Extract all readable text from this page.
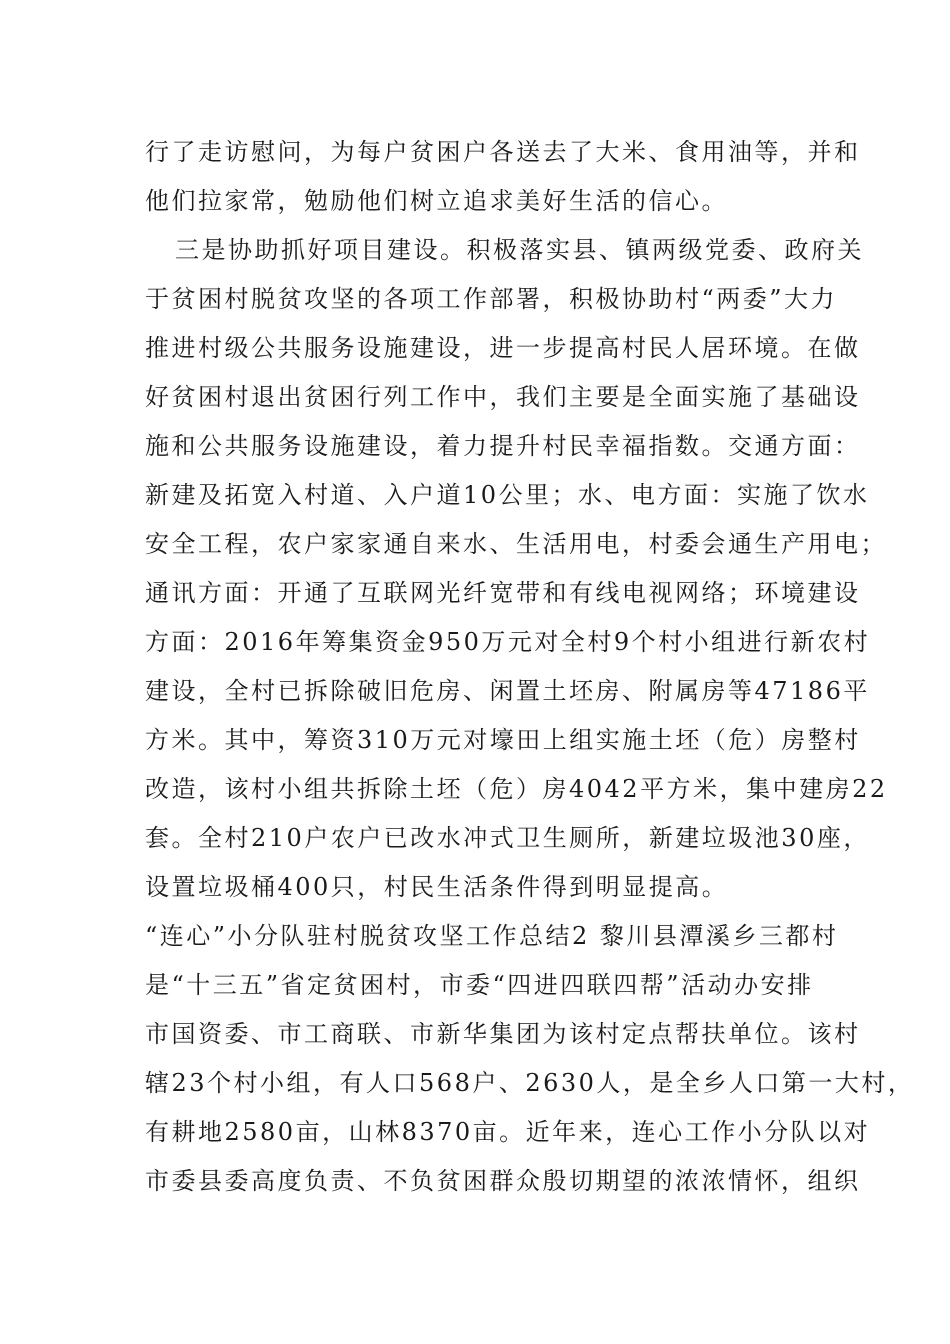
行了走访慰问，为每户贫困户各送去了大米、食用油等，并和
他们拉家常，勉励他们树立追求美好生活的信心。
三是协助抓好项目建设。积极落实县、镇两级党委、政府关
于贫困村脱贫攻坚的各项工作部署，积极协助村“两委”大力
推进村级公共服务设施建设，进一步提高村民人居环境。在做
好贫困村退出贫困行列工作中，我们主要是全面实施了基础设
施和公共服务设施建设，着力提升村民幸福指数。交通方面：
新建及拓宽入村道、入户道10公里；水、电方面：实施了饮水
安全工程，农户家家通自来水、生活用电，村委会通生产用电；
通讯方面：开通了互联网光纤宽带和有线电视网络；环境建设
方面：2016年筹集资金950万元对全村9个村小组进行新农村
建设，全村已拆除破旧危房、闲置土坯房、附属房等47186平
方米。其中，筹资310万元对壕田上组实施土坯（危）房整村
改造，该村小组共拆除土坯（危）房4042平方米，集中建房22
套。全村210户农户已改水冲式卫生厕所，新建垃圾池30座，
设置垃圾桶400只，村民生活条件得到明显提高。
“连心”小分队驻村脱贫攻坚工作总结2 黎川县潭溪乡三都村
是“十三五”省定贫困村，市委“四进四联四帮”活动办安排
市国资委、市工商联、市新华集团为该村定点帮扶单位。该村
辖23个村小组，有人口568户、2630人，是全乡人口第一大村，
有耕地2580亩，山林8370亩。近年来，连心工作小分队以对
市委县委高度负责、不负贫困群众殷切期望的浓浓情怀，组织
